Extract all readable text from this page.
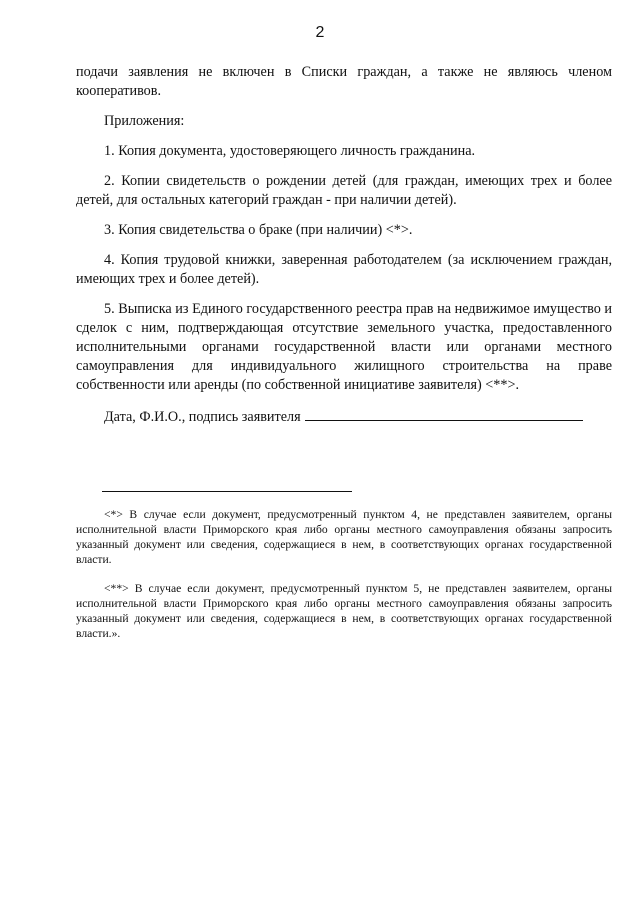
2

подачи заявления не включен в Списки граждан, а также не являюсь членом кооперативов.

Приложения:

1. Копия документа, удостоверяющего личность гражданина.

2. Копии свидетельств о рождении детей (для граждан, имеющих трех и более детей, для остальных категорий граждан - при наличии детей).

3. Копия свидетельства о браке (при наличии) <*>.

4. Копия трудовой книжки, заверенная работодателем (за исключением граждан, имеющих трех и более детей).

5. Выписка из Единого государственного реестра прав на недвижимое имущество и сделок с ним, подтверждающая отсутствие земельного участка, предоставленного исполнительными органами государственной власти или органами местного самоуправления для индивидуального жилищного строительства на праве собственности или аренды (по собственной инициативе заявителя) <**>.

Дата, Ф.И.О., подпись заявителя

<*> В случае если документ, предусмотренный пунктом 4, не представлен заявителем, органы исполнительной власти Приморского края либо органы местного самоуправления обязаны запросить указанный документ или сведения, содержащиеся в нем, в соответствующих органах государственной власти.

<**> В случае если документ, предусмотренный пунктом 5, не представлен заявителем, органы исполнительной власти Приморского края либо органы местного самоуправления обязаны запросить указанный документ или сведения, содержащиеся в нем, в соответствующих органах государственной власти.».
